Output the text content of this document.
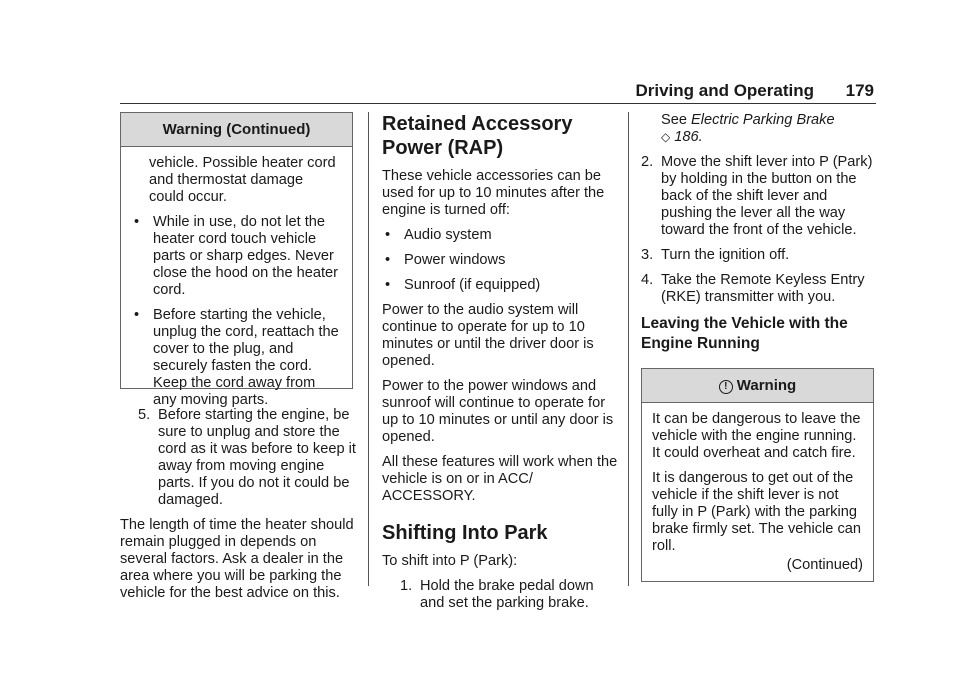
Driving and Operating 179
Warning (Continued)

vehicle. Possible heater cord and thermostat damage could occur.

• While in use, do not let the heater cord touch vehicle parts or sharp edges. Never close the hood on the heater cord.
• Before starting the vehicle, unplug the cord, reattach the cover to the plug, and securely fasten the cord. Keep the cord away from any moving parts.
5. Before starting the engine, be sure to unplug and store the cord as it was before to keep it away from moving engine parts. If you do not it could be damaged.

The length of time the heater should remain plugged in depends on several factors. Ask a dealer in the area where you will be parking the vehicle for the best advice on this.

Retained Accessory Power (RAP)

These vehicle accessories can be used for up to 10 minutes after the engine is turned off:

• Audio system
• Power windows
• Sunroof (if equipped)

Power to the audio system will continue to operate for up to 10 minutes or until the driver door is opened.

Power to the power windows and sunroof will continue to operate for up to 10 minutes or until any door is opened.

All these features will work when the vehicle is on or in ACC/ ACCESSORY.

Shifting Into Park

To shift into P (Park):

1. Hold the brake pedal down and set the parking brake.
See Electric Parking Brake
◇ 186.
2. Move the shift lever into P (Park) by holding in the button on the back of the shift lever and pushing the lever all the way toward the front of the vehicle.
3. Turn the ignition off.
4. Take the Remote Keyless Entry (RKE) transmitter with you.
Leaving the Vehicle with the Engine Running
! Warning

It can be dangerous to leave the vehicle with the engine running. It could overheat and catch fire.

It is dangerous to get out of the vehicle if the shift lever is not fully in P (Park) with the parking brake firmly set. The vehicle can roll.

(Continued)
